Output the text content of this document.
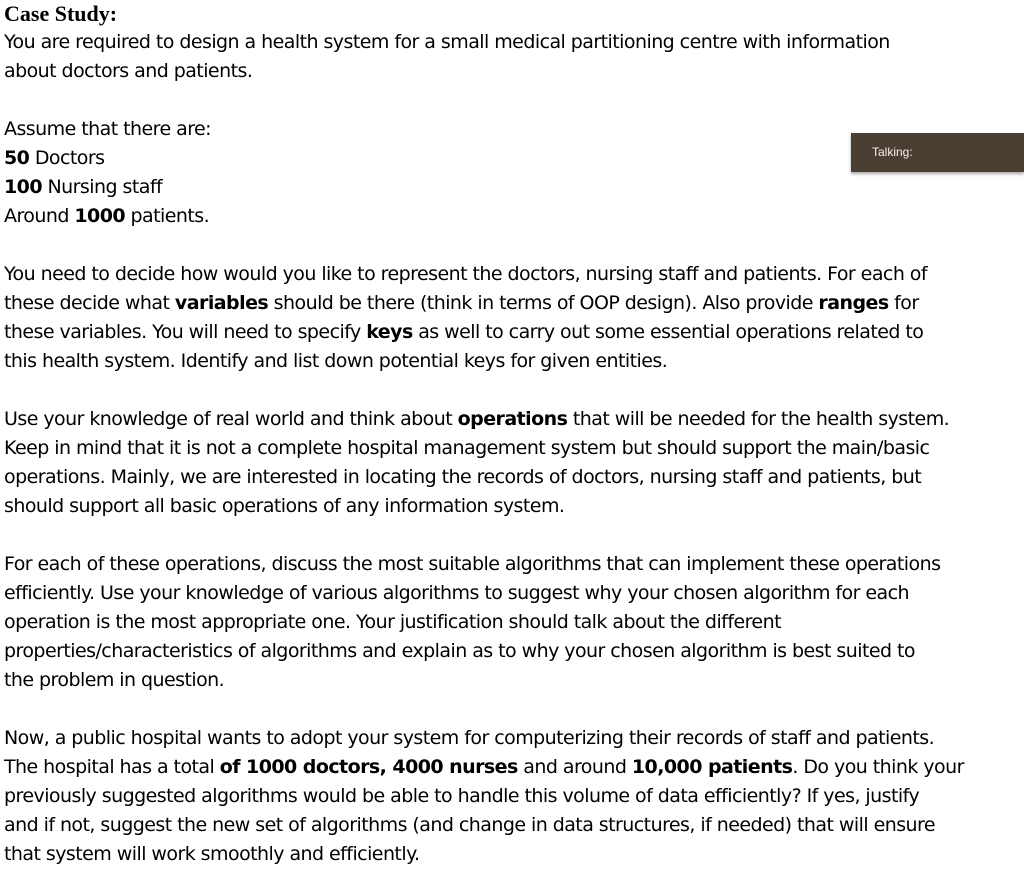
Case Study:
You are required to design a health system for a small medical partitioning centre with information
about doctors and patients.
Assume that there are:
50 Doctors
100 Nursing staff
Around 1000 patients.
You need to decide how would you like to represent the doctors, nursing staff and patients. For each of
these decide what variables should be there (think in terms of OOP design). Also provide ranges for
these variables. You will need to specify keys as well to carry out some essential operations related to
this health system. Identify and list down potential keys for given entities.
Use your knowledge of real world and think about operations that will be needed for the health system.
Keep in mind that it is not a complete hospital management system but should support the main/basic
operations. Mainly, we are interested in locating the records of doctors, nursing staff and patients, but
should support all basic operations of any information system.
For each of these operations, discuss the most suitable algorithms that can implement these operations
efficiently. Use your knowledge of various algorithms to suggest why your chosen algorithm for each
operation is the most appropriate one. Your justification should talk about the different
properties/characteristics of algorithms and explain as to why your chosen algorithm is best suited to
the problem in question.
Now, a public hospital wants to adopt your system for computerizing their records of staff and patients.
The hospital has a total of 1000 doctors, 4000 nurses and around 10,000 patients. Do you think your
previously suggested algorithms would be able to handle this volume of data efficiently? If yes, justify
and if not, suggest the new set of algorithms (and change in data structures, if needed) that will ensure
that system will work smoothly and efficiently.
Talking:
